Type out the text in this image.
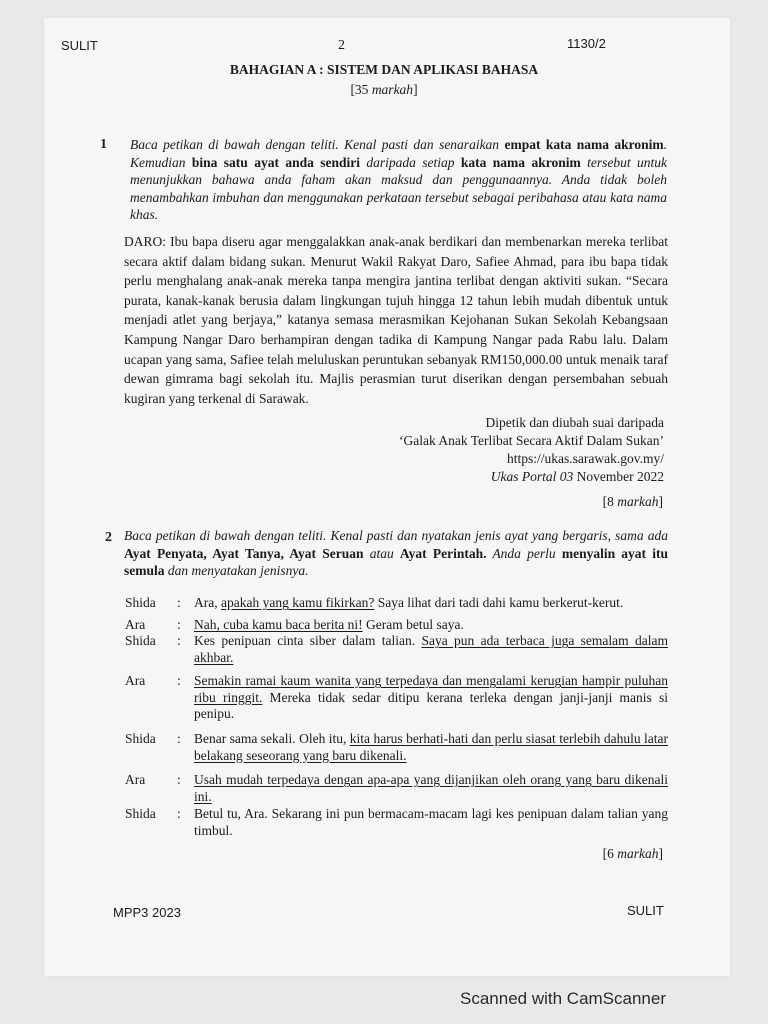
SULIT	2	1130/2
BAHAGIAN A : SISTEM DAN APLIKASI BAHASA
[35 markah]
1 Baca petikan di bawah dengan teliti. Kenal pasti dan senaraikan empat kata nama akronim. Kemudian bina satu ayat anda sendiri daripada setiap kata nama akronim tersebut untuk menunjukkan bahawa anda faham akan maksud dan penggunaannya. Anda tidak boleh menambahkan imbuhan dan menggunakan perkataan tersebut sebagai peribahasa atau kata nama khas.
DARO: Ibu bapa diseru agar menggalakkan anak-anak berdikari dan membenarkan mereka terlibat secara aktif dalam bidang sukan. Menurut Wakil Rakyat Daro, Safiee Ahmad, para ibu bapa tidak perlu menghalang anak-anak mereka tanpa mengira jantina terlibat dengan aktiviti sukan. “Secara purata, kanak-kanak berusia dalam lingkungan tujuh hingga 12 tahun lebih mudah dibentuk untuk menjadi atlet yang berjaya,” katanya semasa merasmikan Kejohanan Sukan Sekolah Kebangsaan Kampung Nangar Daro berhampiran dengan tadika di Kampung Nangar pada Rabu lalu. Dalam ucapan yang sama, Safiee telah meluluskan peruntukan sebanyak RM150,000.00 untuk menaik taraf dewan gimrama bagi sekolah itu. Majlis perasmian turut diserikan dengan persembahan sebuah kugiran yang terkenal di Sarawak.
Dipetik dan diubah suai daripada
‘Galak Anak Terlibat Secara Aktif Dalam Sukan’
https://ukas.sarawak.gov.my/
Ukas Portal 03 November 2022
[8 markah]
2 Baca petikan di bawah dengan teliti. Kenal pasti dan nyatakan jenis ayat yang bergaris, sama ada Ayat Penyata, Ayat Tanya, Ayat Seruan atau Ayat Perintah. Anda perlu menyalin ayat itu semula dan menyatakan jenisnya.
Shida : Ara, apakah yang kamu fikirkan? Saya lihat dari tadi dahi kamu berkerut-kerut.
Ara : Nah, cuba kamu baca berita ni! Geram betul saya.
Shida : Kes penipuan cinta siber dalam talian. Saya pun ada terbaca juga semalam dalam akhbar.
Ara : Semakin ramai kaum wanita yang terpedaya dan mengalami kerugian hampir puluhan ribu ringgit. Mereka tidak sedar ditipu kerana terleka dengan janji-janji manis si penipu.
Shida : Benar sama sekali. Oleh itu, kita harus berhati-hati dan perlu siasat terlebih dahulu latar belakang seseorang yang baru dikenali.
Ara : Usah mudah terpedaya dengan apa-apa yang dijanjikan oleh orang yang baru dikenali ini.
Shida : Betul tu, Ara. Sekarang ini pun bermacam-macam lagi kes penipuan dalam talian yang timbul.
[6 markah]
MPP3 2023	SULIT
Scanned with CamScanner
